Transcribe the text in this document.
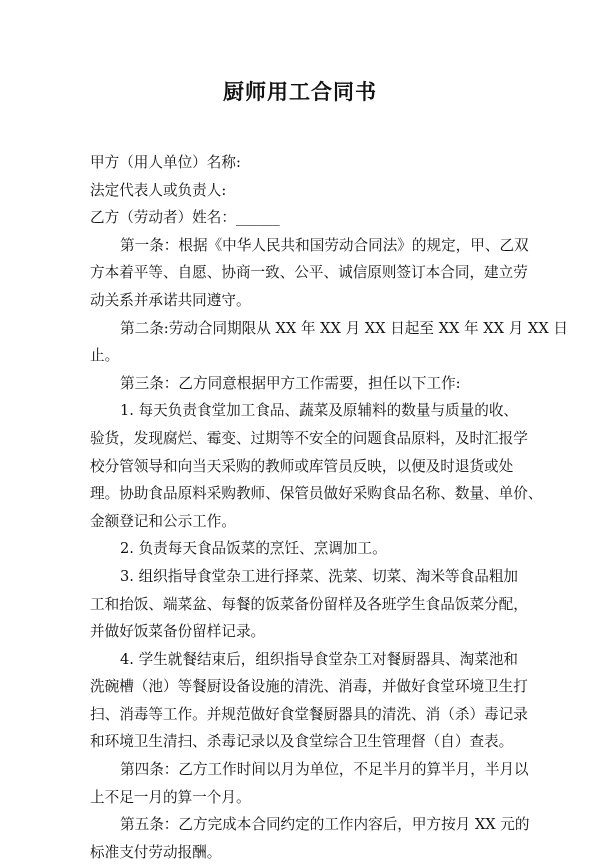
厨师用工合同书
甲方（用人单位）名称:
法定代表人或负责人:
乙方（劳动者）姓名：______
第一条：根据《中华人民共和国劳动合同法》的规定，甲、乙双
方本着平等、自愿、协商一致、公平、诚信原则签订本合同，建立劳
动关系并承诺共同遵守。
第二条:劳动合同期限从 XX 年 XX 月 XX 日起至 XX 年 XX 月 XX 日
止。
第三条：乙方同意根据甲方工作需要，担任以下工作:
1. 每天负责食堂加工食品、蔬菜及原辅料的数量与质量的收、
验货，发现腐烂、霉变、过期等不安全的问题食品原料，及时汇报学
校分管领导和向当天采购的教师或库管员反映，以便及时退货或处
理。协助食品原料采购教师、保管员做好采购食品名称、数量、单价、
金额登记和公示工作。
2. 负责每天食品饭菜的烹饪、烹调加工。
3. 组织指导食堂杂工进行择菜、洗菜、切菜、淘米等食品粗加
工和抬饭、端菜盆、每餐的饭菜备份留样及各班学生食品饭菜分配，
并做好饭菜备份留样记录。
4. 学生就餐结束后，组织指导食堂杂工对餐厨器具、淘菜池和
洗碗槽（池）等餐厨设备设施的清洗、消毒，并做好食堂环境卫生打
扫、消毒等工作。并规范做好食堂餐厨器具的清洗、消（杀）毒记录
和环境卫生清扫、杀毒记录以及食堂综合卫生管理督（自）查表。
第四条：乙方工作时间以月为单位，不足半月的算半月，半月以
上不足一月的算一个月。
第五条：乙方完成本合同约定的工作内容后，甲方按月 XX 元的
标准支付劳动报酬。
